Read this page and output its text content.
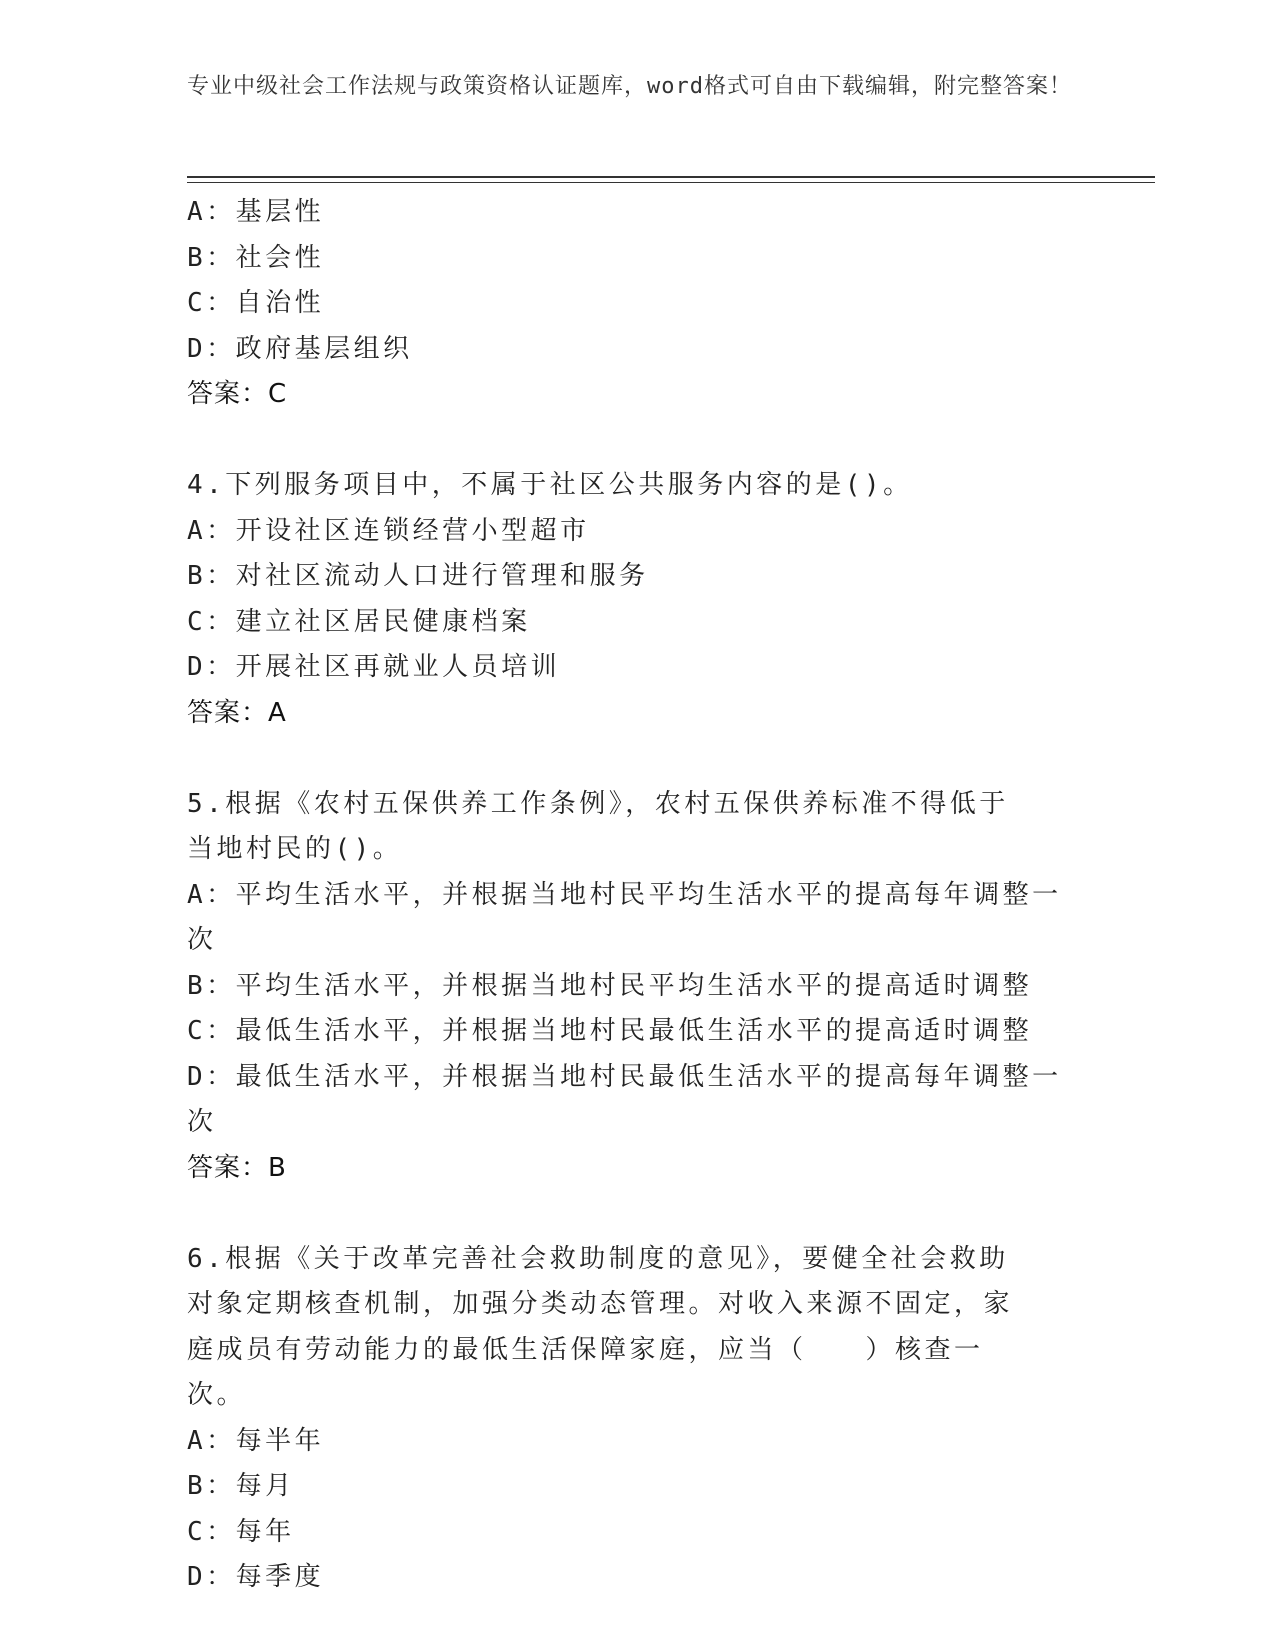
专业中级社会工作法规与政策资格认证题库，word格式可自由下载编辑，附完整答案！
A：基层性
B：社会性
C：自治性
D：政府基层组织
答案：C
4.下列服务项目中，不属于社区公共服务内容的是()。
A：开设社区连锁经营小型超市
B：对社区流动人口进行管理和服务
C：建立社区居民健康档案
D：开展社区再就业人员培训
答案：A
5.根据《农村五保供养工作条例》，农村五保供养标准不得低于当地村民的()。
A：平均生活水平，并根据当地村民平均生活水平的提高每年调整一次
B：平均生活水平，并根据当地村民平均生活水平的提高适时调整
C：最低生活水平，并根据当地村民最低生活水平的提高适时调整
D：最低生活水平，并根据当地村民最低生活水平的提高每年调整一次
答案：B
6.根据《关于改革完善社会救助制度的意见》，要健全社会救助对象定期核查机制，加强分类动态管理。对收入来源不固定，家庭成员有劳动能力的最低生活保障家庭，应当（　　）核查一次。
A：每半年
B：每月
C：每年
D：每季度
